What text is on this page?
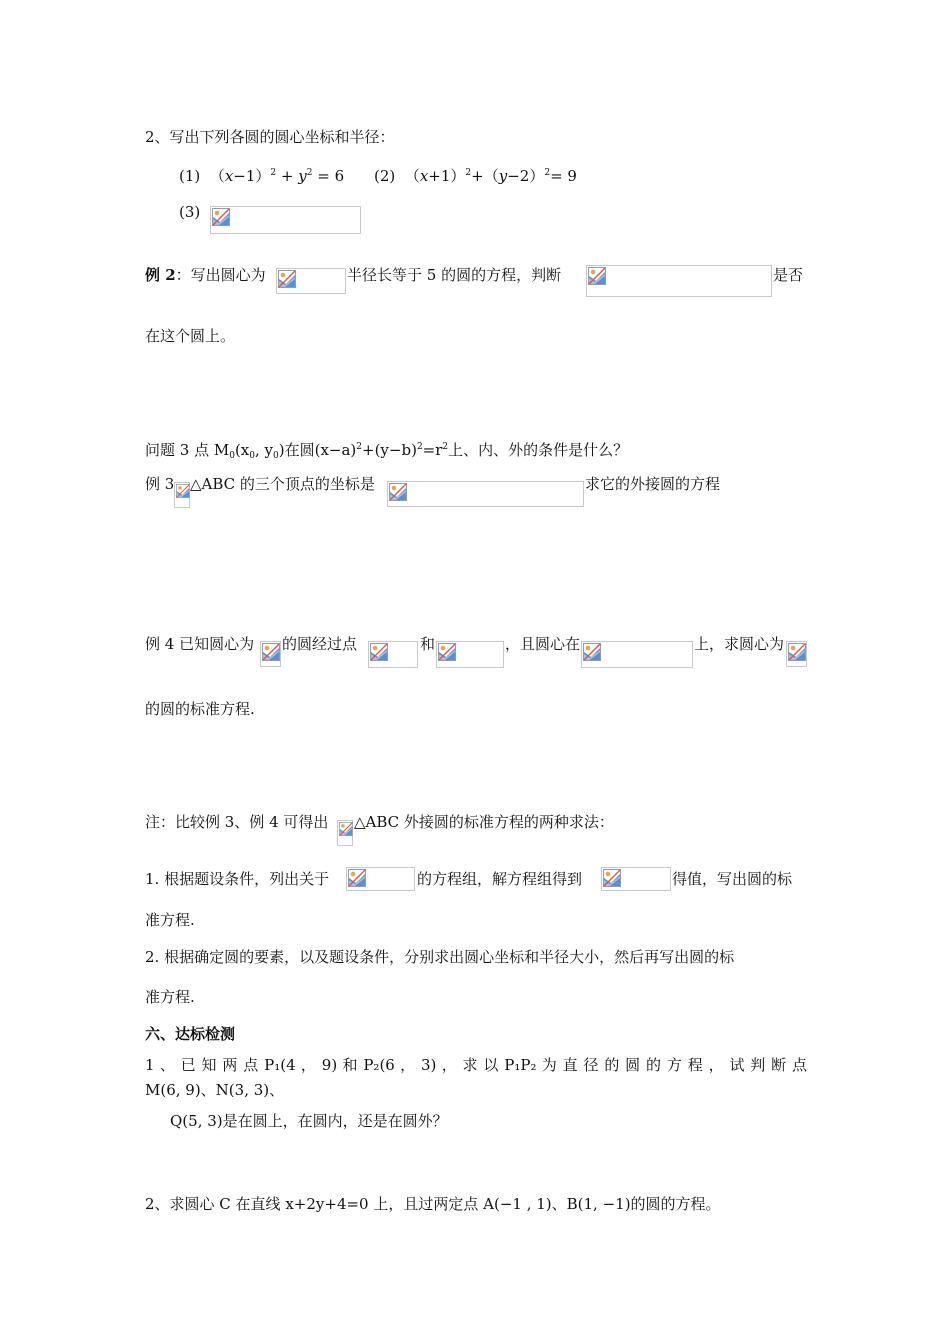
2、写出下列各圆的圆心坐标和半径：
(1) $(x-1)^2 + y^2 = 6$ (2) $(x+1)^2+(y-2)^2= 9$
(3)
例 2：写出圆心为	半径长等于 5 的圆的方程，判断	是否
在这个圆上。
问题 3 点 $M_0(x_0$, $y_0$)在圆$(x-a)^2+(y-b)^2=r^2$上、内、外的条件是什么？
例 3 △ABC 的三个顶点的坐标是	求它的外接圆的方程
例 4 已知圆心为 的圆经过点	和	，且圆心在	上，求圆心为
的圆的标准方程.
注：比较例 3、例 4 可得出 △ABC 外接圆的标准方程的两种求法：
1. 根据题设条件，列出关于	的方程组，解方程组得到	得值，写出圆的标
准方程.
2. 根据确定圆的要素，以及题设条件，分别求出圆心坐标和半径大小，然后再写出圆的标
准方程.
六、达标检测
1 、 已 知 两 点 P₁(4 ， 9) 和 P₂(6 ， 3) ， 求 以 P₁P₂ 为 直 径 的 圆 的 方 程 ， 试 判 断 点
M(6, 9)、N(3, 3)、
Q(5, 3)是在圆上，在圆内，还是在圆外？
2、求圆心 C 在直线 x+2y+4=0 上，且过两定点 A(−1 , 1)、B(1, −1)的圆的方程。
